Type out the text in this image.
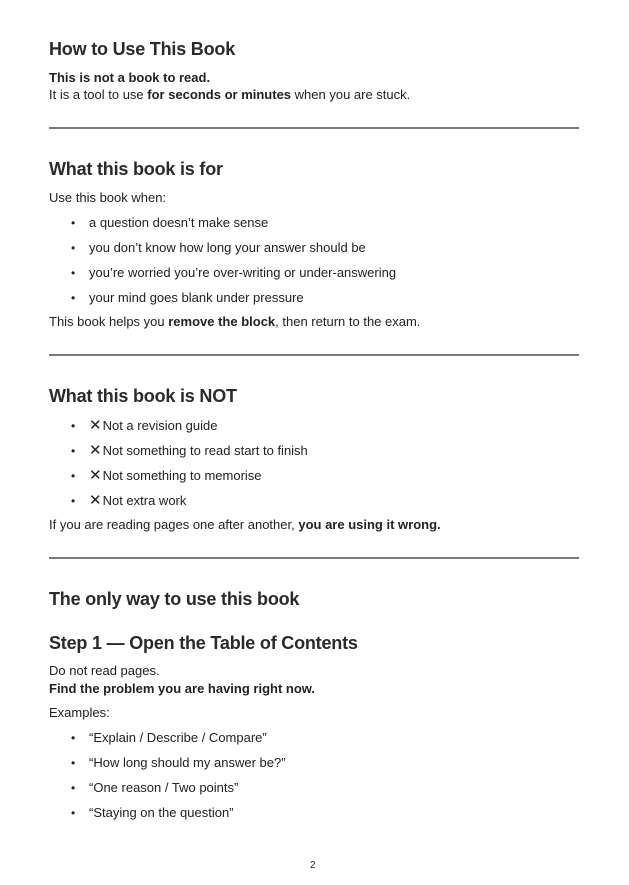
How to Use This Book
This is not a book to read.
It is a tool to use for seconds or minutes when you are stuck.
What this book is for
Use this book when:
• a question doesn’t make sense
• you don’t know how long your answer should be
• you’re worried you’re over-writing or under-answering
• your mind goes blank under pressure
This book helps you remove the block, then return to the exam.
What this book is NOT
• ✕Not a revision guide
• ✕Not something to read start to finish
• ✕Not something to memorise
• ✕Not extra work
If you are reading pages one after another, you are using it wrong.
The only way to use this book
Step 1 — Open the Table of Contents
Do not read pages.
Find the problem you are having right now.
Examples:
• “Explain / Describe / Compare”
• “How long should my answer be?”
• “One reason / Two points”
• “Staying on the question”
2
